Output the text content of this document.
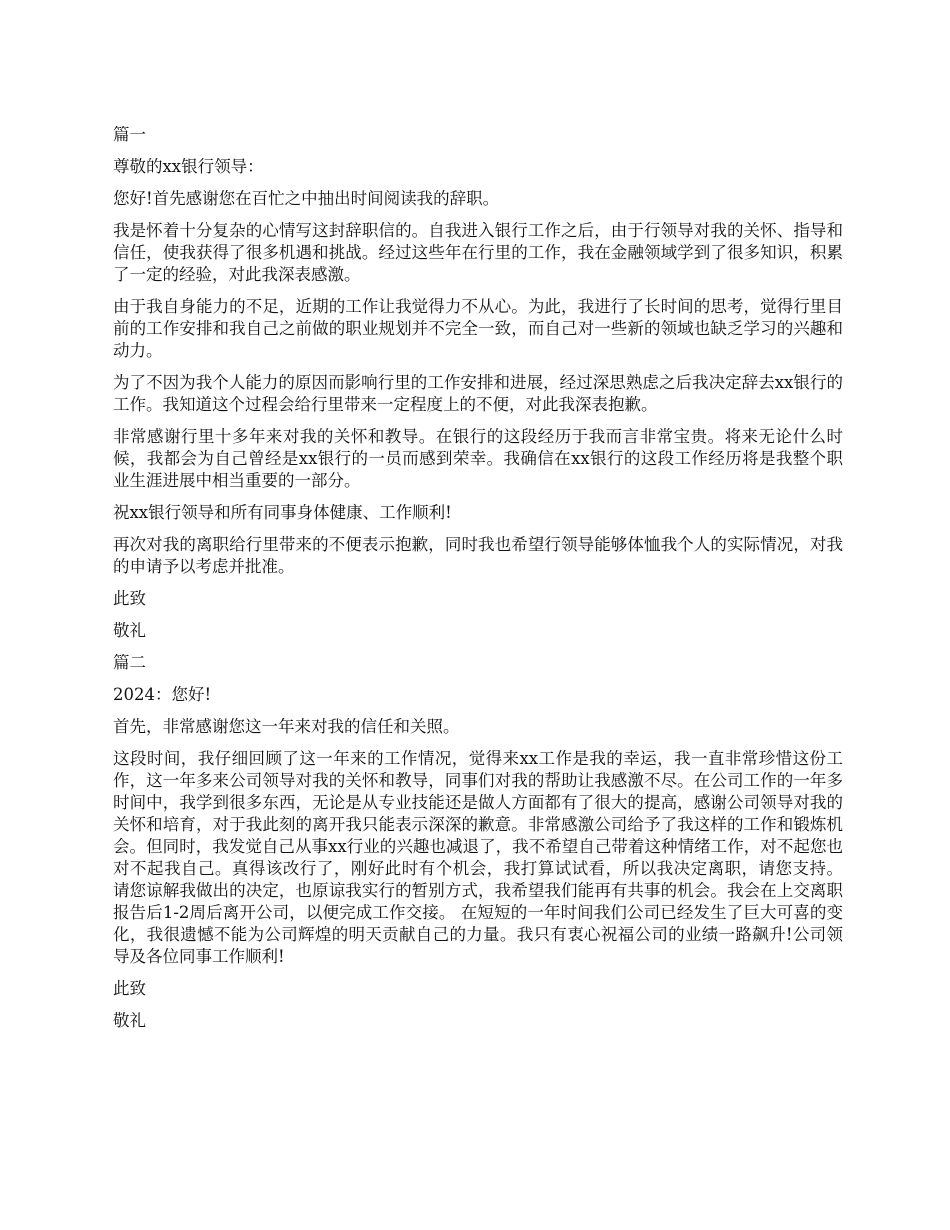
篇一

尊敬的xx银行领导：

您好!首先感谢您在百忙之中抽出时间阅读我的辞职。

我是怀着十分复杂的心情写这封辞职信的。自我进入银行工作之后，由于行领导对我的关怀、指导和信任，使我获得了很多机遇和挑战。经过这些年在行里的工作，我在金融领域学到了很多知识，积累了一定的经验，对此我深表感激。

由于我自身能力的不足，近期的工作让我觉得力不从心。为此，我进行了长时间的思考，觉得行里目前的工作安排和我自己之前做的职业规划并不完全一致，而自己对一些新的领域也缺乏学习的兴趣和动力。

为了不因为我个人能力的原因而影响行里的工作安排和进展，经过深思熟虑之后我决定辞去xx银行的工作。我知道这个过程会给行里带来一定程度上的不便，对此我深表抱歉。

非常感谢行里十多年来对我的关怀和教导。在银行的这段经历于我而言非常宝贵。将来无论什么时候，我都会为自己曾经是xx银行的一员而感到荣幸。我确信在xx银行的这段工作经历将是我整个职业生涯进展中相当重要的一部分。

祝xx银行领导和所有同事身体健康、工作顺利!

再次对我的离职给行里带来的不便表示抱歉，同时我也希望行领导能够体恤我个人的实际情况，对我的申请予以考虑并批准。

此致

敬礼

篇二

2024：您好!

首先，非常感谢您这一年来对我的信任和关照。

这段时间，我仔细回顾了这一年来的工作情况，觉得来xx工作是我的幸运，我一直非常珍惜这份工作，这一年多来公司领导对我的关怀和教导，同事们对我的帮助让我感激不尽。在公司工作的一年多时间中，我学到很多东西，无论是从专业技能还是做人方面都有了很大的提高，感谢公司领导对我的关怀和培育，对于我此刻的离开我只能表示深深的歉意。非常感激公司给予了我这样的工作和锻炼机会。但同时，我发觉自己从事xx行业的兴趣也减退了，我不希望自己带着这种情绪工作，对不起您也对不起我自己。真得该改行了，刚好此时有个机会，我打算试试看，所以我决定离职，请您支持。 请您谅解我做出的决定，也原谅我实行的暂别方式，我希望我们能再有共事的机会。我会在上交离职报告后1-2周后离开公司，以便完成工作交接。 在短短的一年时间我们公司已经发生了巨大可喜的变化，我很遗憾不能为公司辉煌的明天贡献自己的力量。我只有衷心祝福公司的业绩一路飙升!公司领导及各位同事工作顺利!

此致

敬礼
